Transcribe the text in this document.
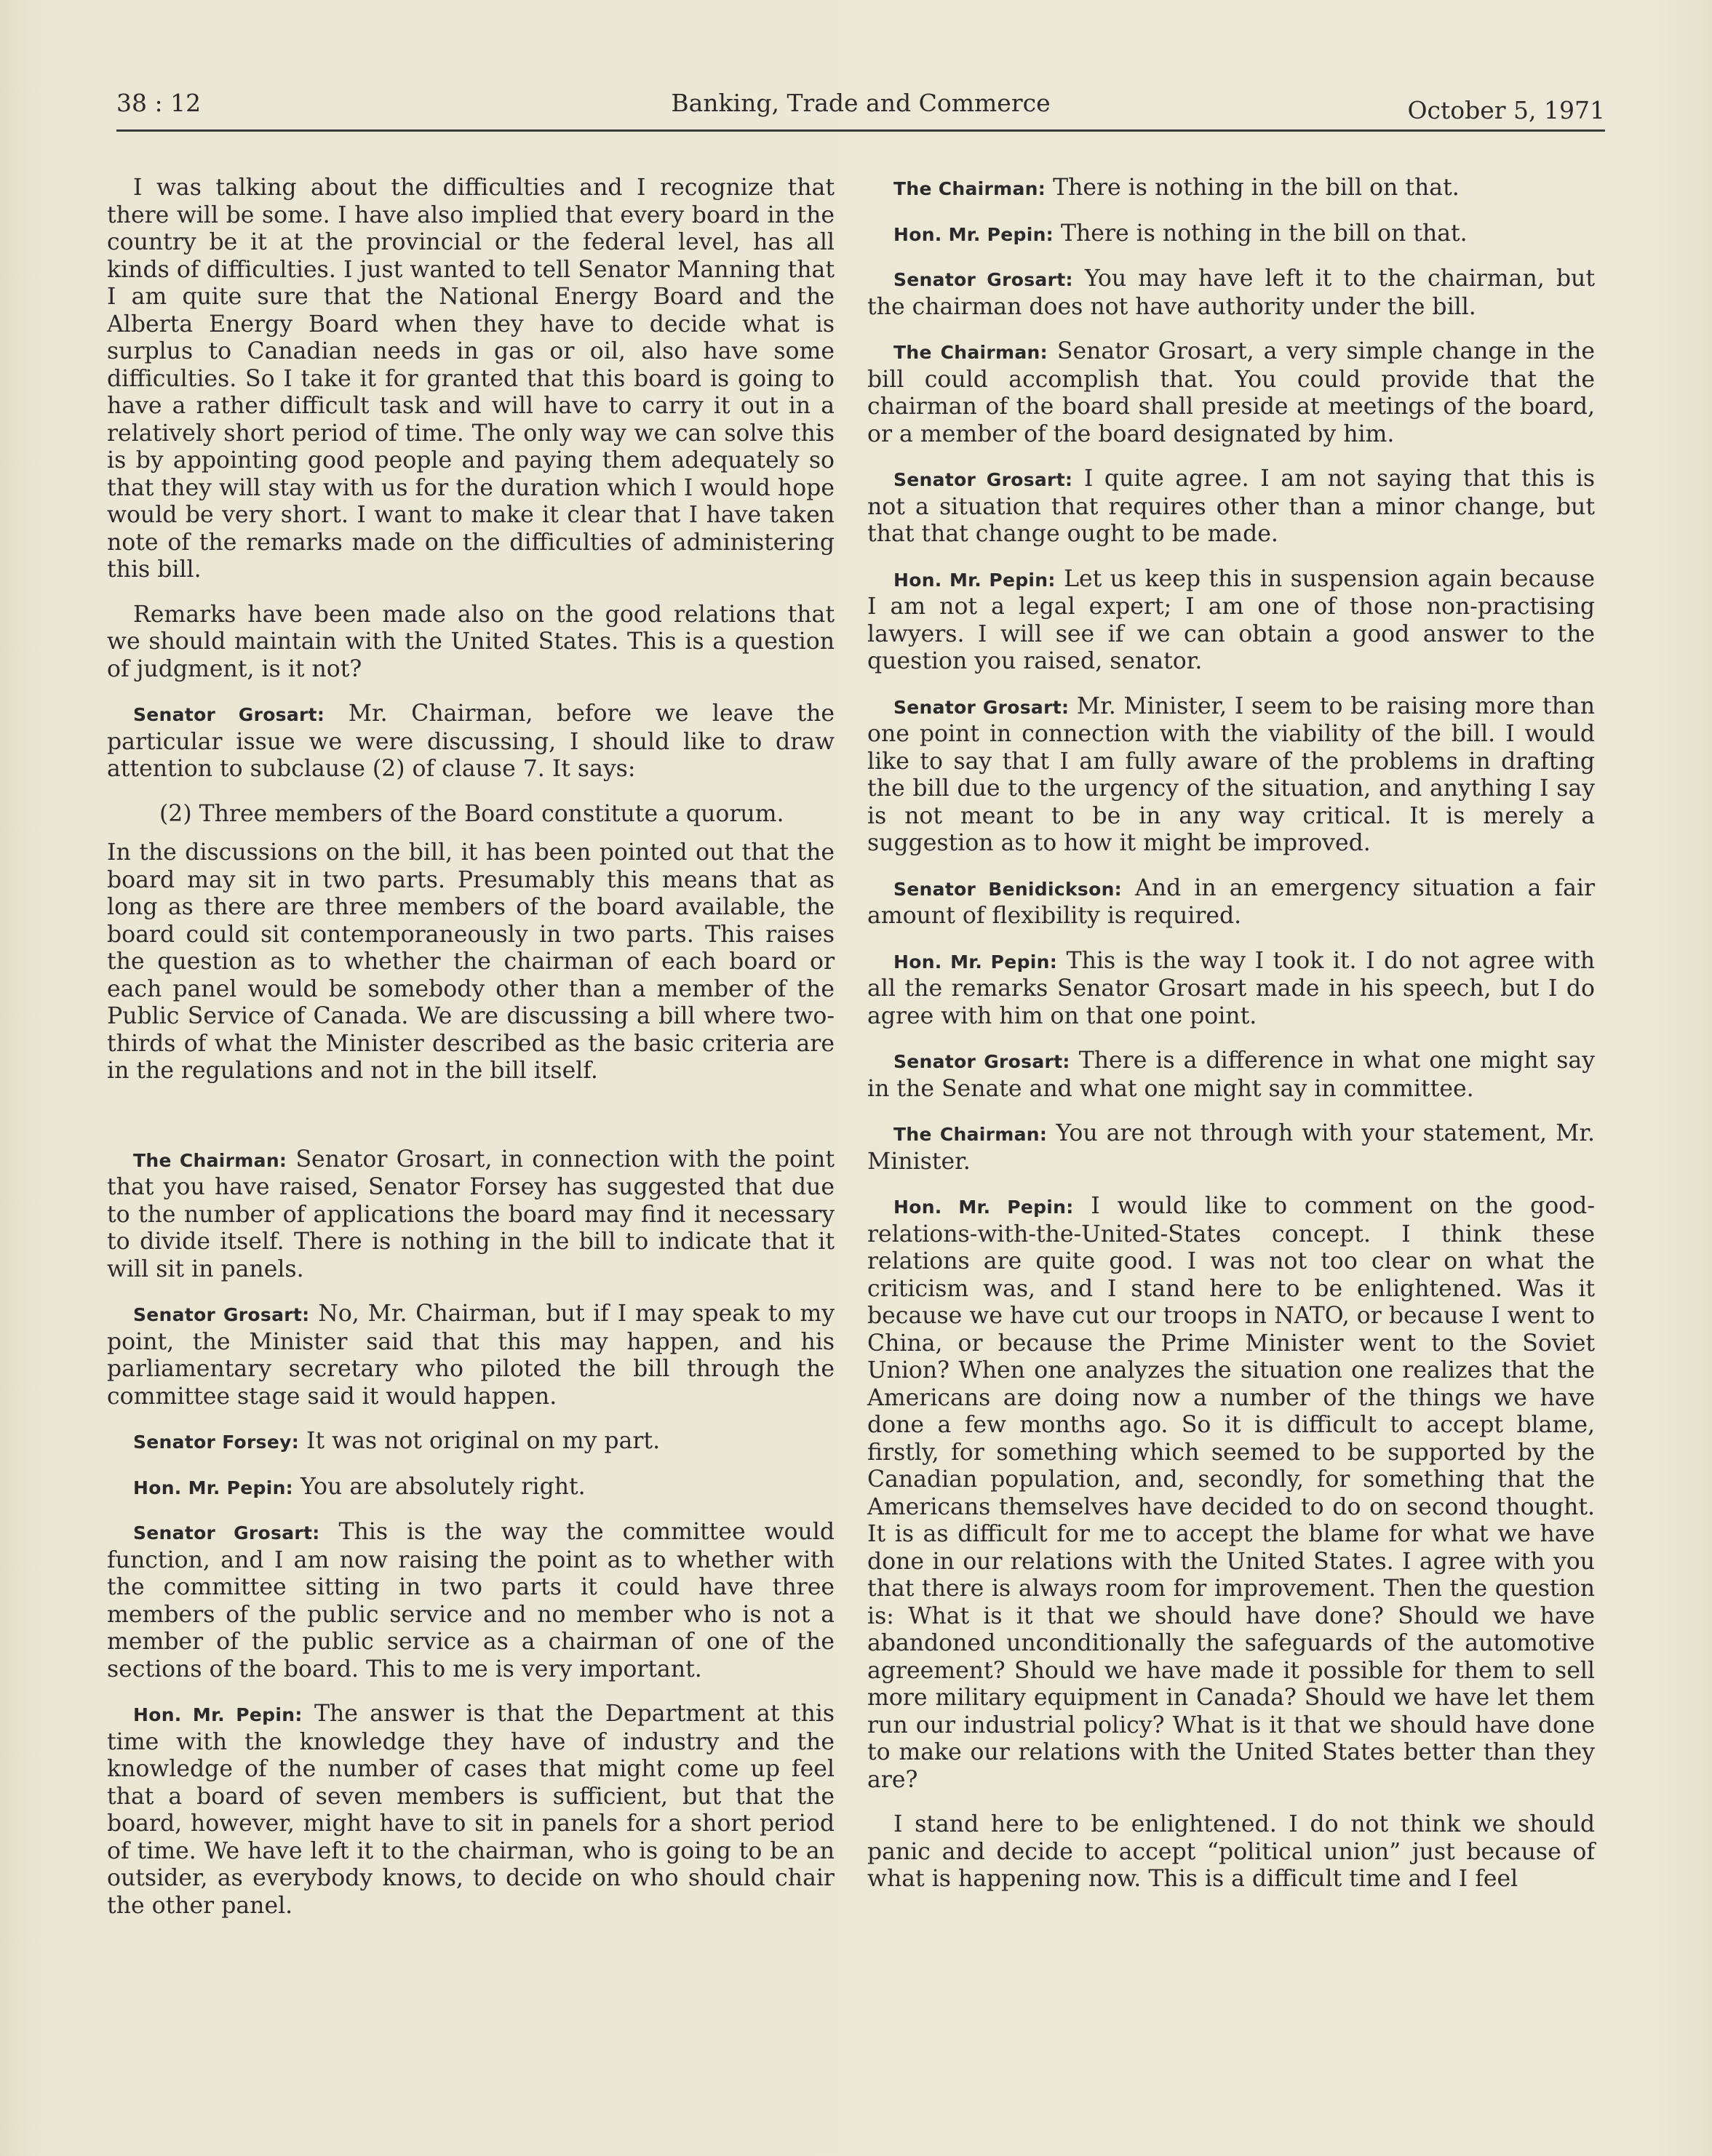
38 : 12	Banking, Trade and Commerce	October 5, 1971

I was talking about the difficulties and I recognize that there will be some. I have also implied that every board in the country be it at the provincial or the federal level, has all kinds of difficulties. I just wanted to tell Senator Manning that I am quite sure that the National Energy Board and the Alberta Energy Board when they have to decide what is surplus to Canadian needs in gas or oil, also have some difficulties. So I take it for granted that this board is going to have a rather difficult task and will have to carry it out in a relatively short period of time. The only way we can solve this is by appointing good people and paying them adequately so that they will stay with us for the duration which I would hope would be very short. I want to make it clear that I have taken note of the remarks made on the difficulties of administering this bill.

Remarks have been made also on the good relations that we should maintain with the United States. This is a question of judgment, is it not?

Senator Grosart: Mr. Chairman, before we leave the particular issue we were discussing, I should like to draw attention to subclause (2) of clause 7. It says:

(2) Three members of the Board constitute a quorum.

In the discussions on the bill, it has been pointed out that the board may sit in two parts. Presumably this means that as long as there are three members of the board available, the board could sit contemporaneously in two parts. This raises the question as to whether the chairman of each board or each panel would be somebody other than a member of the Public Service of Canada. We are discussing a bill where two-thirds of what the Minister described as the basic criteria are in the regulations and not in the bill itself.

The Chairman: Senator Grosart, in connection with the point that you have raised, Senator Forsey has suggested that due to the number of applications the board may find it necessary to divide itself. There is nothing in the bill to indicate that it will sit in panels.

Senator Grosart: No, Mr. Chairman, but if I may speak to my point, the Minister said that this may happen, and his parliamentary secretary who piloted the bill through the committee stage said it would happen.

Senator Forsey: It was not original on my part.

Hon. Mr. Pepin: You are absolutely right.

Senator Grosart: This is the way the committee would function, and I am now raising the point as to whether with the committee sitting in two parts it could have three members of the public service and no member who is not a member of the public service as a chairman of one of the sections of the board. This to me is very important.

Hon. Mr. Pepin: The answer is that the Department at this time with the knowledge they have of industry and the knowledge of the number of cases that might come up feel that a board of seven members is sufficient, but that the board, however, might have to sit in panels for a short period of time. We have left it to the chairman, who is going to be an outsider, as everybody knows, to decide on who should chair the other panel.

The Chairman: There is nothing in the bill on that.

Hon. Mr. Pepin: There is nothing in the bill on that.

Senator Grosart: You may have left it to the chairman, but the chairman does not have authority under the bill.

The Chairman: Senator Grosart, a very simple change in the bill could accomplish that. You could provide that the chairman of the board shall preside at meetings of the board, or a member of the board designated by him.

Senator Grosart: I quite agree. I am not saying that this is not a situation that requires other than a minor change, but that that change ought to be made.

Hon. Mr. Pepin: Let us keep this in suspension again because I am not a legal expert; I am one of those non-practising lawyers. I will see if we can obtain a good answer to the question you raised, senator.

Senator Grosart: Mr. Minister, I seem to be raising more than one point in connection with the viability of the bill. I would like to say that I am fully aware of the problems in drafting the bill due to the urgency of the situation, and anything I say is not meant to be in any way critical. It is merely a suggestion as to how it might be improved.

Senator Benidickson: And in an emergency situation a fair amount of flexibility is required.

Hon. Mr. Pepin: This is the way I took it. I do not agree with all the remarks Senator Grosart made in his speech, but I do agree with him on that one point.

Senator Grosart: There is a difference in what one might say in the Senate and what one might say in committee.

The Chairman: You are not through with your statement, Mr. Minister.

Hon. Mr. Pepin: I would like to comment on the good-relations-with-the-United-States concept. I think these relations are quite good. I was not too clear on what the criticism was, and I stand here to be enlightened. Was it because we have cut our troops in NATO, or because I went to China, or because the Prime Minister went to the Soviet Union? When one analyzes the situation one realizes that the Americans are doing now a number of the things we have done a few months ago. So it is difficult to accept blame, firstly, for something which seemed to be supported by the Canadian population, and, secondly, for something that the Americans themselves have decided to do on second thought. It is as difficult for me to accept the blame for what we have done in our relations with the United States. I agree with you that there is always room for improvement. Then the question is: What is it that we should have done? Should we have abandoned unconditionally the safeguards of the automotive agreement? Should we have made it possible for them to sell more military equipment in Canada? Should we have let them run our industrial policy? What is it that we should have done to make our relations with the United States better than they are?

I stand here to be enlightened. I do not think we should panic and decide to accept “political union” just because of what is happening now. This is a difficult time and I feel
